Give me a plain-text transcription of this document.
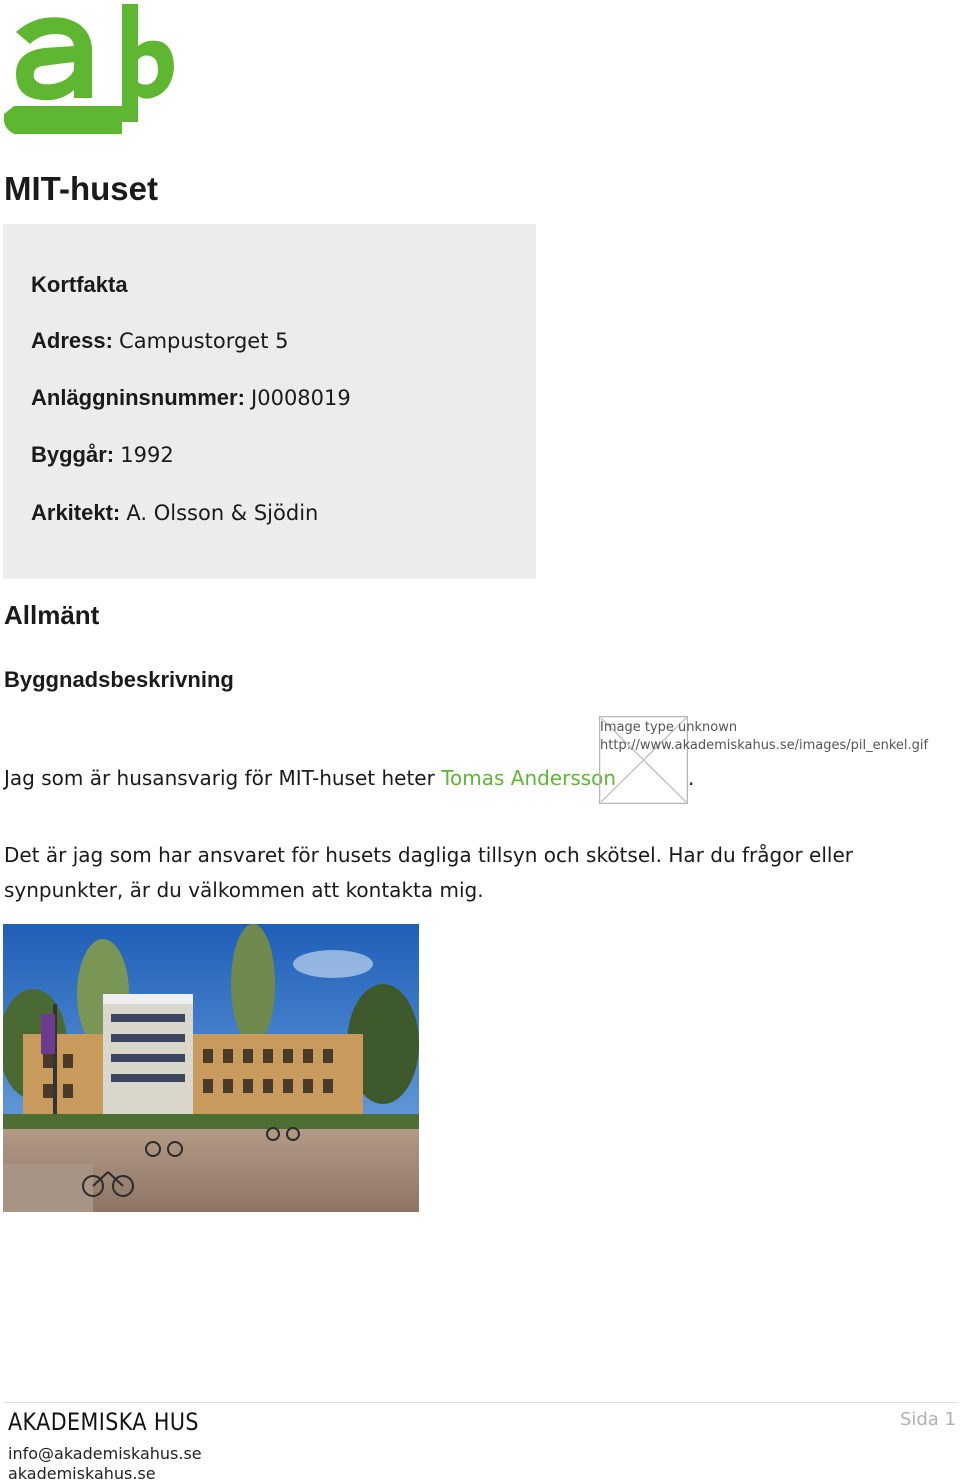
MIT-huset
Kortfakta
Adress: Campustorget 5
Anläggninsnummer: J0008019
Byggår: 1992
Arkitekt: A. Olsson & Sjödin
Allmänt
Byggnadsbeskrivning
Jag som är husansvarig för MIT-huset heter Tomas Andersson
Image type unknown
http://www.akademiskahus.se/images/pil_enkel.gif
.

Det är jag som har ansvaret för husets dagliga tillsyn och skötsel. Har du frågor eller synpunkter, är du välkommen att kontakta mig.

AKADEMISKA HUS
info@akademiskahus.se
akademiskahus.se
Sida 1
